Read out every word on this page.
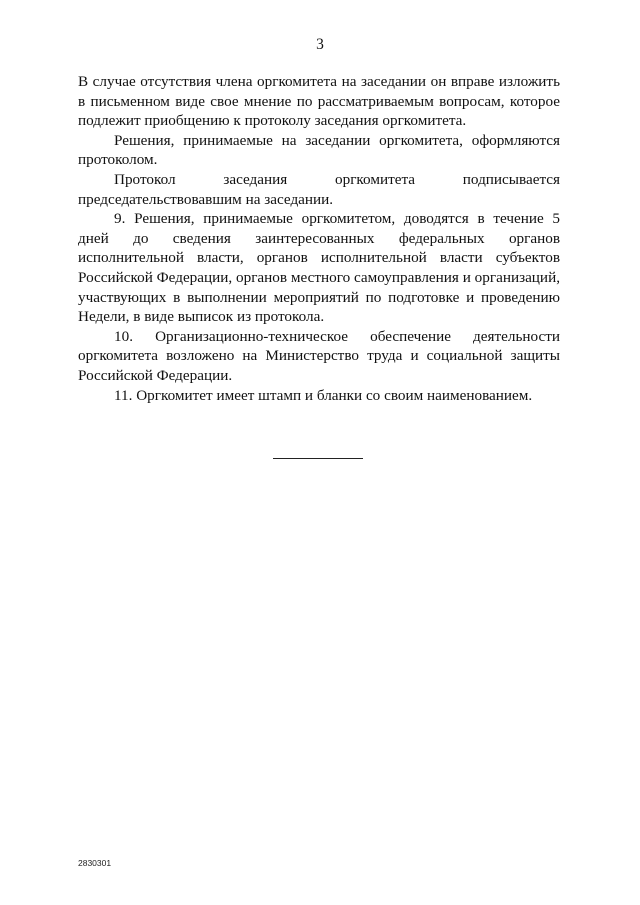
3

В случае отсутствия члена оргкомитета на заседании он вправе изложить в письменном виде свое мнение по рассматриваемым вопросам, которое подлежит приобщению к протоколу заседания оргкомитета.

Решения, принимаемые на заседании оргкомитета, оформляются протоколом.

Протокол заседания оргкомитета подписывается председательствовавшим на заседании.

9. Решения, принимаемые оргкомитетом, доводятся в течение 5 дней до сведения заинтересованных федеральных органов исполнительной власти, органов исполнительной власти субъектов Российской Федерации, органов местного самоуправления и организаций, участвующих в выполнении мероприятий по подготовке и проведению Недели, в виде выписок из протокола.

10. Организационно-техническое обеспечение деятельности оргкомитета возложено на Министерство труда и социальной защиты Российской Федерации.

11. Оргкомитет имеет штамп и бланки со своим наименованием.

2830301
